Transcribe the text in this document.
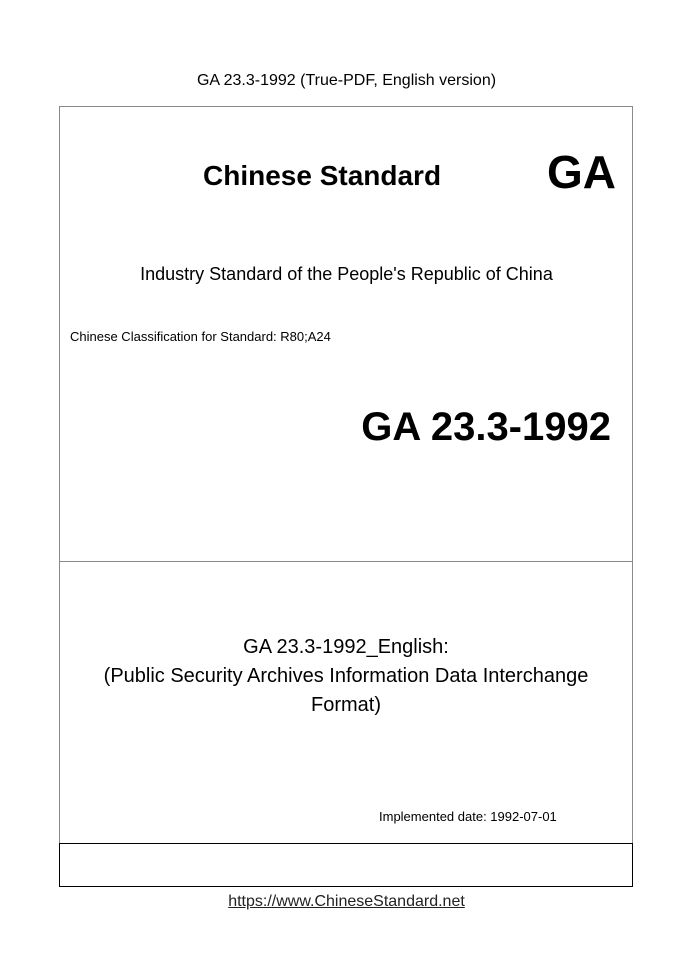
GA 23.3-1992 (True-PDF, English version)
Chinese Standard GA
Industry Standard of the People's Republic of China
Chinese Classification for Standard: R80;A24
GA 23.3-1992
GA 23.3-1992_English:
(Public Security Archives Information Data Interchange
Format)
Implemented date: 1992-07-01
https://www.ChineseStandard.net
